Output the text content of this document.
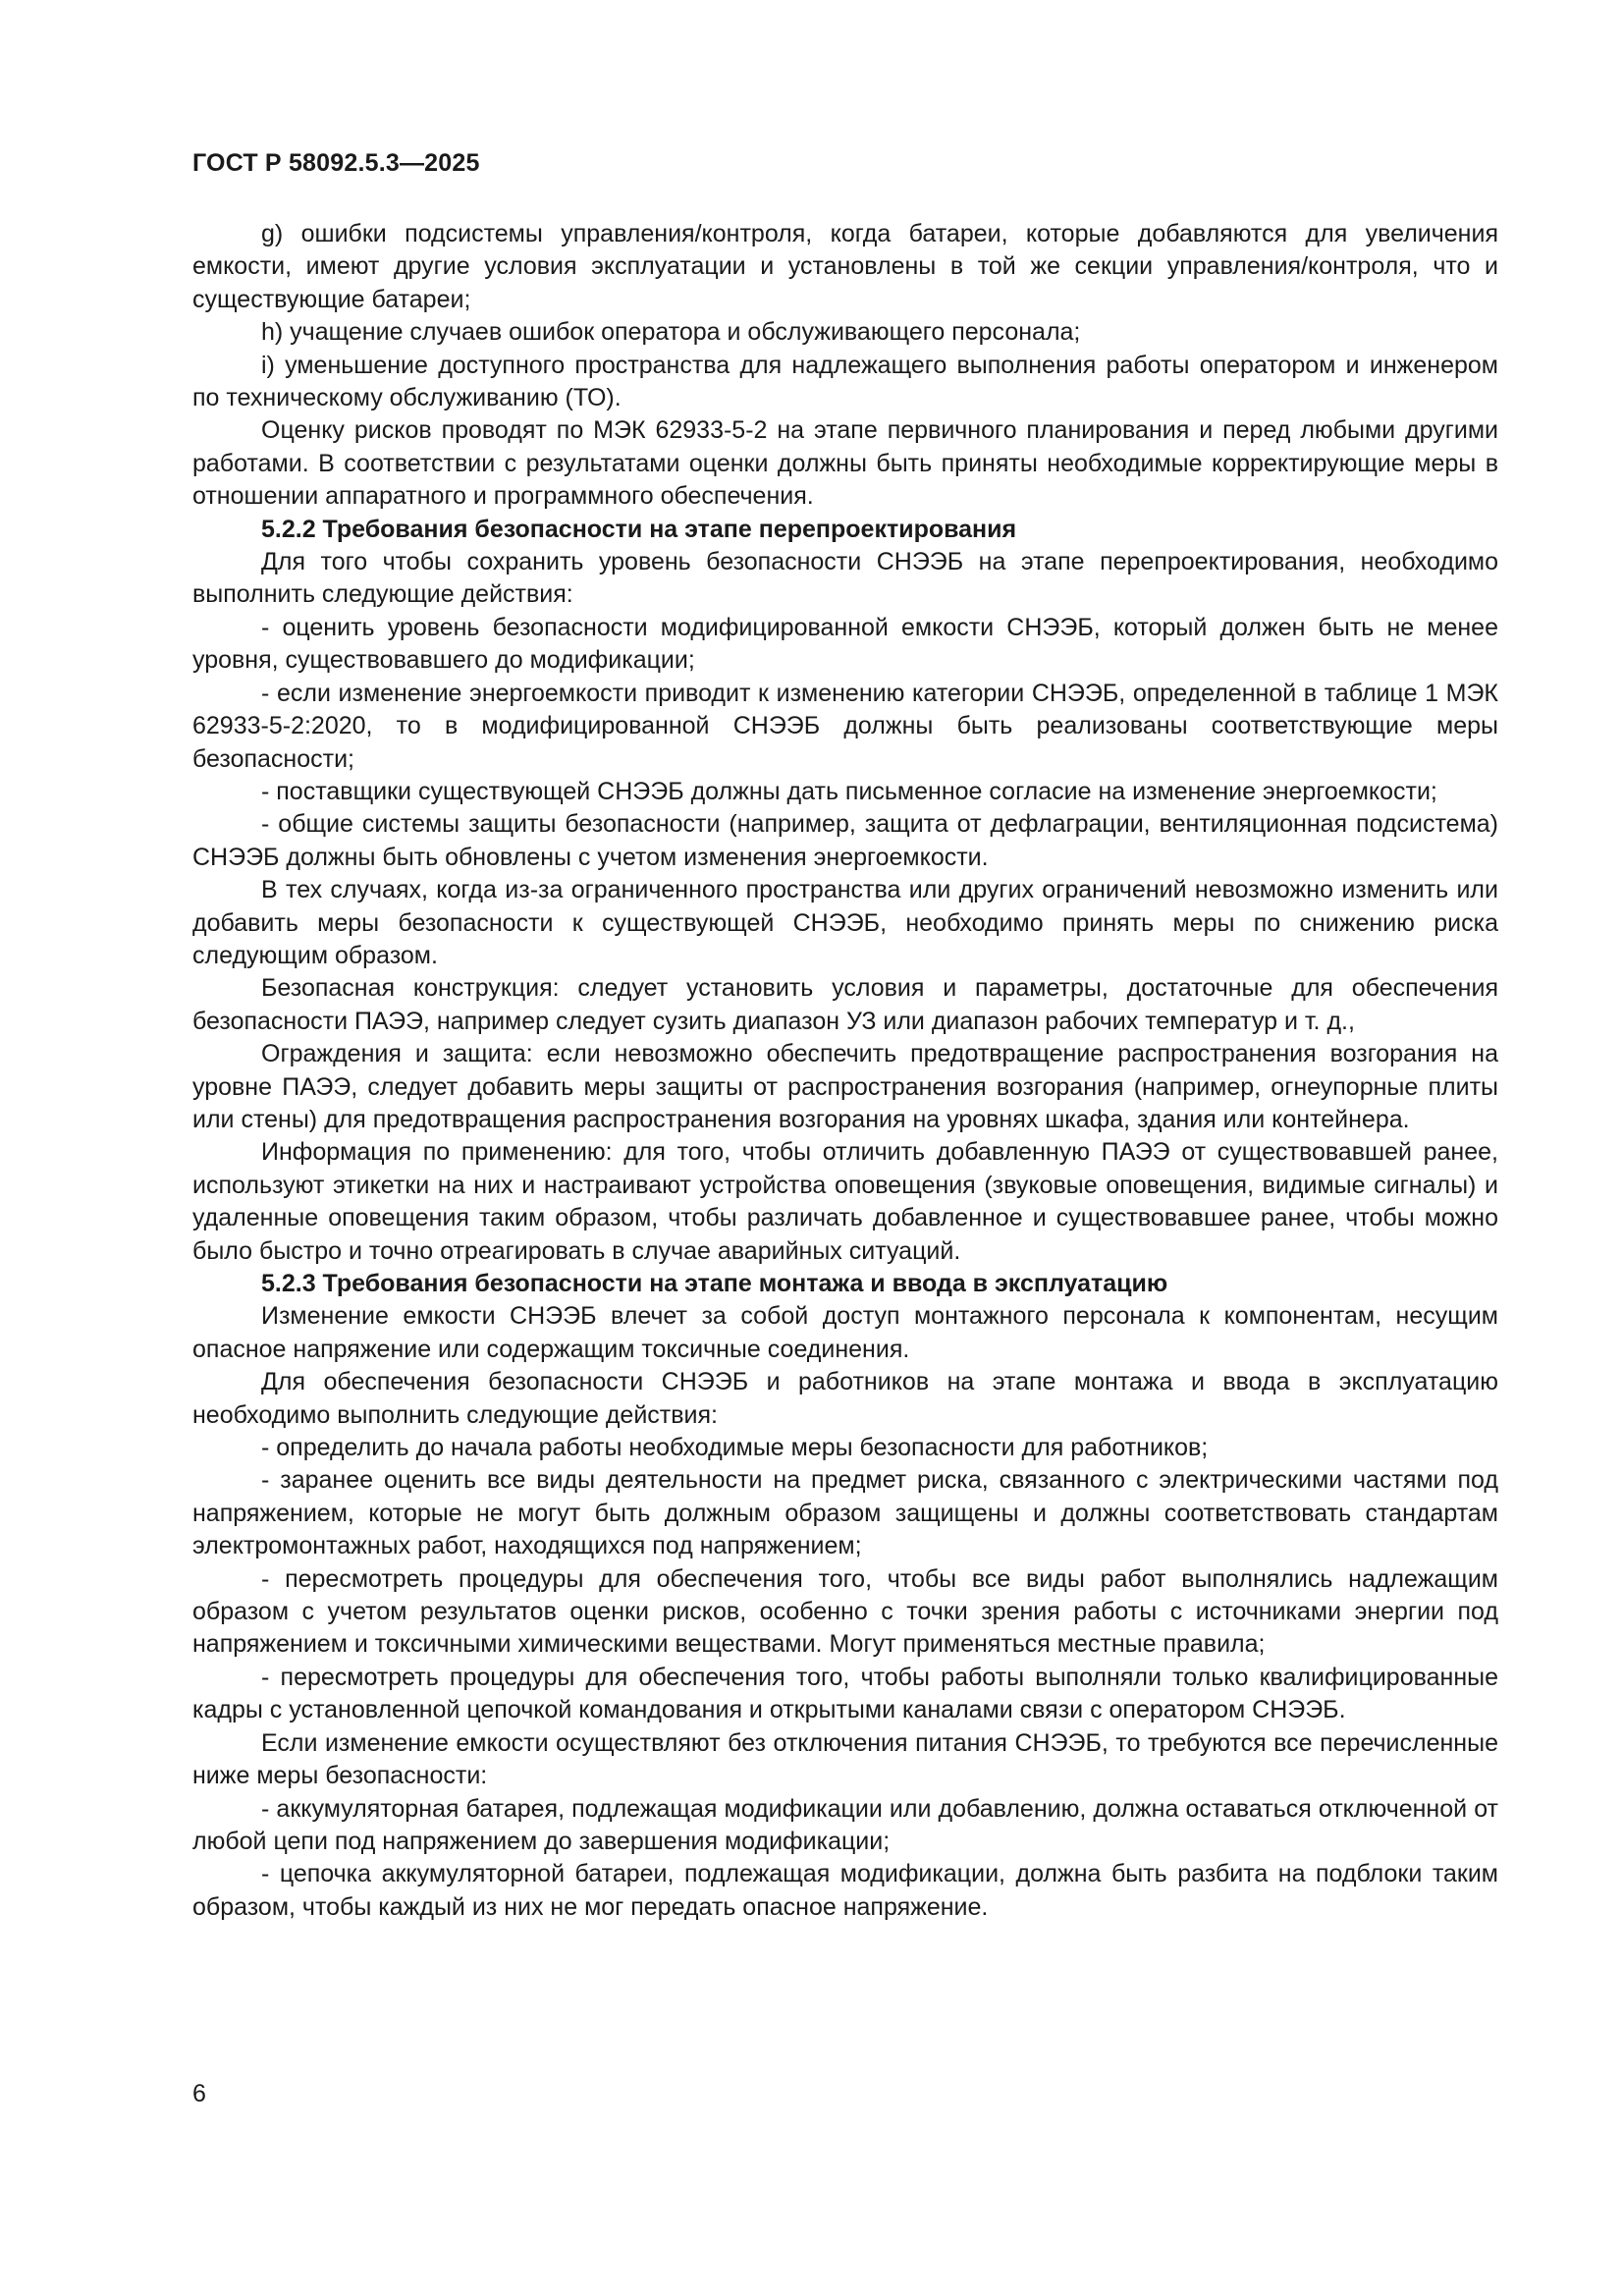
ГОСТ Р 58092.5.3—2025

g) ошибки подсистемы управления/контроля, когда батареи, которые добавляются для увеличения емкости, имеют другие условия эксплуатации и установлены в той же секции управления/контроля, что и существующие батареи;

h) учащение случаев ошибок оператора и обслуживающего персонала;

i) уменьшение доступного пространства для надлежащего выполнения работы оператором и инженером по техническому обслуживанию (ТО).

Оценку рисков проводят по МЭК 62933-5-2 на этапе первичного планирования и перед любыми другими работами. В соответствии с результатами оценки должны быть приняты необходимые корректирующие меры в отношении аппаратного и программного обеспечения.

5.2.2 Требования безопасности на этапе перепроектирования

Для того чтобы сохранить уровень безопасности СНЭЭБ на этапе перепроектирования, необходимо выполнить следующие действия:

- оценить уровень безопасности модифицированной емкости СНЭЭБ, который должен быть не менее уровня, существовавшего до модификации;

- если изменение энергоемкости приводит к изменению категории СНЭЭБ, определенной в таблице 1 МЭК 62933-5-2:2020, то в модифицированной СНЭЭБ должны быть реализованы соответствующие меры безопасности;

- поставщики существующей СНЭЭБ должны дать письменное согласие на изменение энергоемкости;

- общие системы защиты безопасности (например, защита от дефлаграции, вентиляционная подсистема) СНЭЭБ должны быть обновлены с учетом изменения энергоемкости.

В тех случаях, когда из-за ограниченного пространства или других ограничений невозможно изменить или добавить меры безопасности к существующей СНЭЭБ, необходимо принять меры по снижению риска следующим образом.

Безопасная конструкция: следует установить условия и параметры, достаточные для обеспечения безопасности ПАЭЭ, например следует сузить диапазон УЗ или диапазон рабочих температур и т. д.,

Ограждения и защита: если невозможно обеспечить предотвращение распространения возгорания на уровне ПАЭЭ, следует добавить меры защиты от распространения возгорания (например, огнеупорные плиты или стены) для предотвращения распространения возгорания на уровнях шкафа, здания или контейнера.

Информация по применению: для того, чтобы отличить добавленную ПАЭЭ от существовавшей ранее, используют этикетки на них и настраивают устройства оповещения (звуковые оповещения, видимые сигналы) и удаленные оповещения таким образом, чтобы различать добавленное и существовавшее ранее, чтобы можно было быстро и точно отреагировать в случае аварийных ситуаций.

5.2.3 Требования безопасности на этапе монтажа и ввода в эксплуатацию

Изменение емкости СНЭЭБ влечет за собой доступ монтажного персонала к компонентам, несущим опасное напряжение или содержащим токсичные соединения.

Для обеспечения безопасности СНЭЭБ и работников на этапе монтажа и ввода в эксплуатацию необходимо выполнить следующие действия:

- определить до начала работы необходимые меры безопасности для работников;

- заранее оценить все виды деятельности на предмет риска, связанного с электрическими частями под напряжением, которые не могут быть должным образом защищены и должны соответствовать стандартам электромонтажных работ, находящихся под напряжением;

- пересмотреть процедуры для обеспечения того, чтобы все виды работ выполнялись надлежащим образом с учетом результатов оценки рисков, особенно с точки зрения работы с источниками энергии под напряжением и токсичными химическими веществами. Могут применяться местные правила;

- пересмотреть процедуры для обеспечения того, чтобы работы выполняли только квалифицированные кадры с установленной цепочкой командования и открытыми каналами связи с оператором СНЭЭБ.

Если изменение емкости осуществляют без отключения питания СНЭЭБ, то требуются все перечисленные ниже меры безопасности:

- аккумуляторная батарея, подлежащая модификации или добавлению, должна оставаться отключенной от любой цепи под напряжением до завершения модификации;

- цепочка аккумуляторной батареи, подлежащая модификации, должна быть разбита на подблоки таким образом, чтобы каждый из них не мог передать опасное напряжение.

6
